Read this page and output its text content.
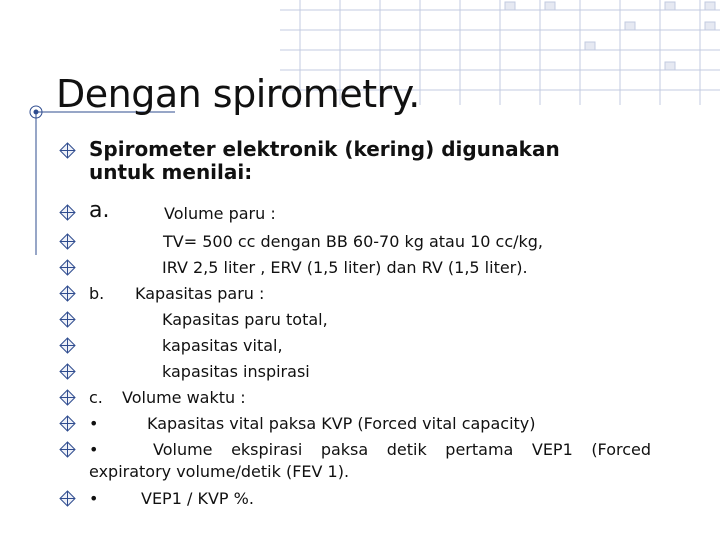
Dengan spirometry.
Spirometer elektronik (kering) digunakan
untuk menilai:
a.	Volume paru :
TV= 500 cc dengan BB 60-70 kg atau 10 cc/kg,
IRV 2,5 liter , ERV (1,5 liter) dan RV (1,5 liter).
b. Kapasitas paru :
Kapasitas paru total,
kapasitas vital,
kapasitas inspirasi
c. Volume waktu :
•	Kapasitas vital paksa KVP (Forced vital capacity)
•	Volume ekspirasi paksa detik pertama VEP1 (Forced
expiratory volume/detik (FEV 1).
•	VEP1 / KVP %.
